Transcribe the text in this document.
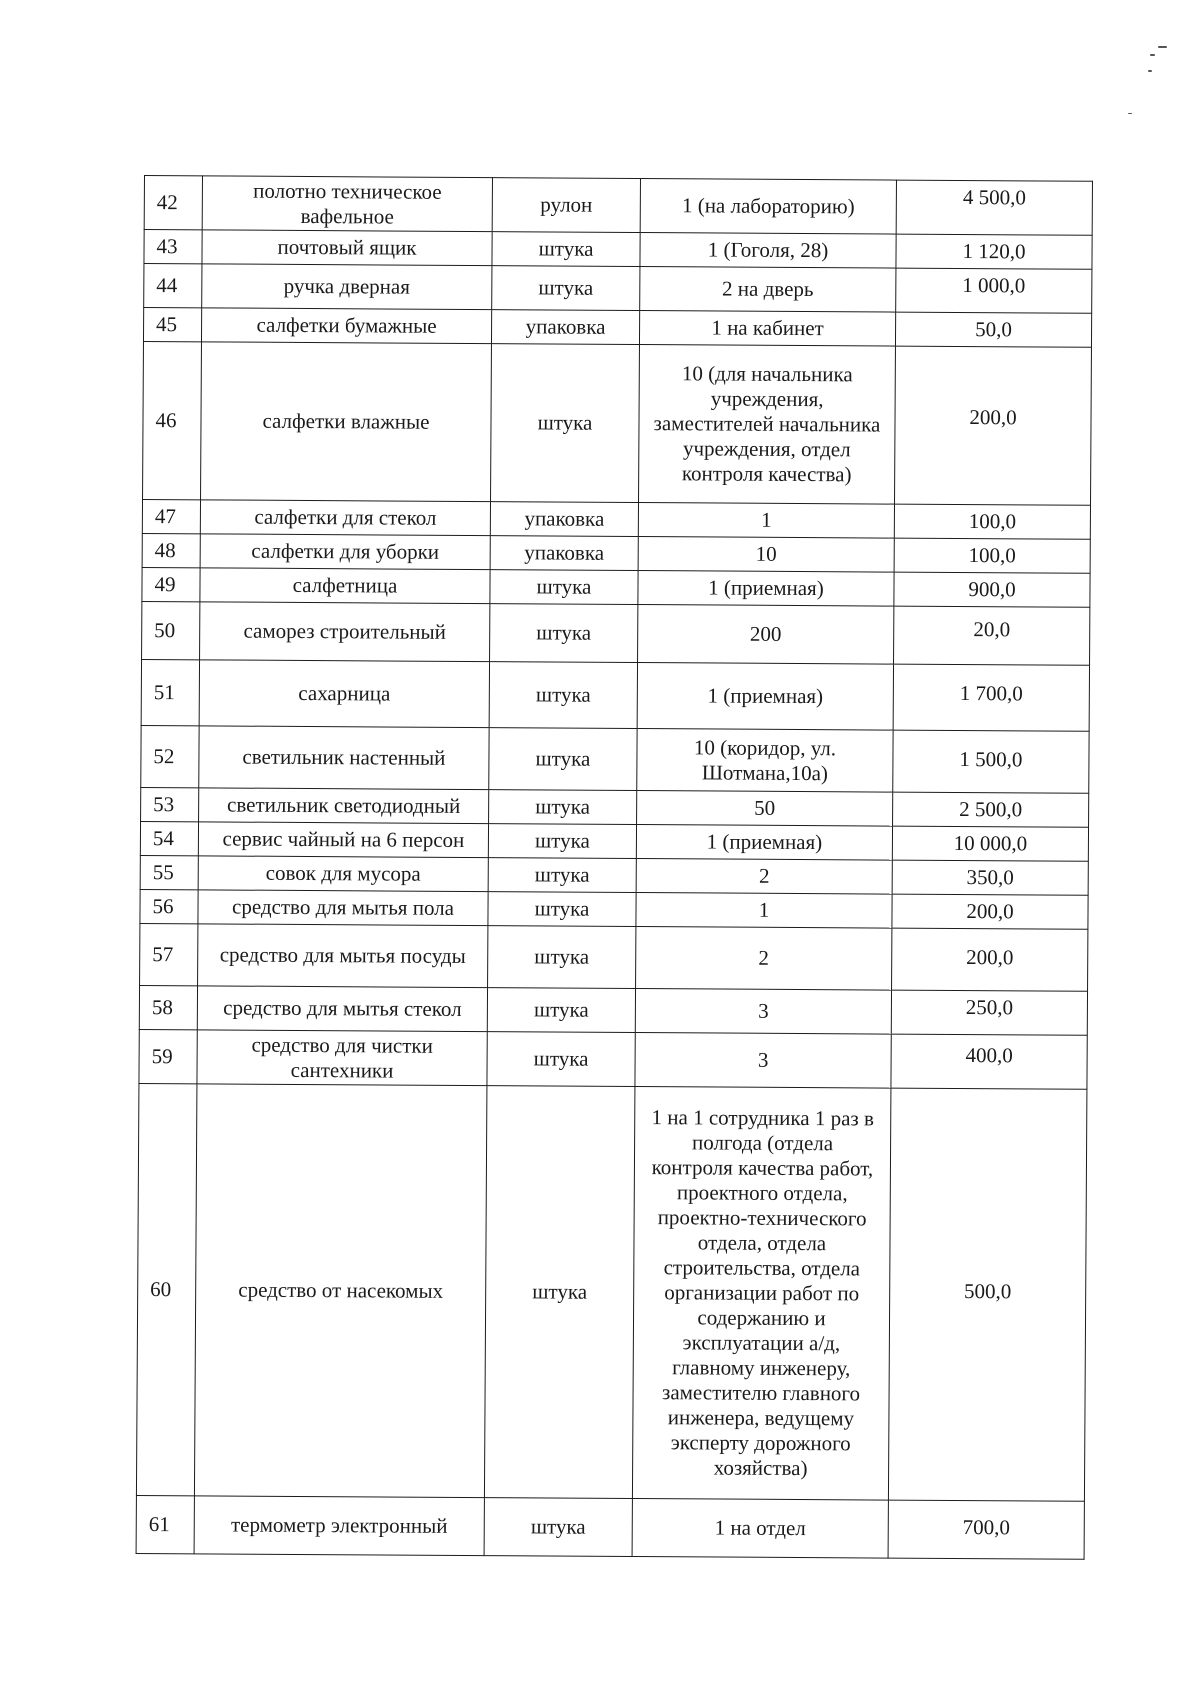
42	полотно техническое вафельное	рулон	1 (на лабораторию)	4 500,0
43	почтовый ящик	штука	1 (Гоголя, 28)	1 120,0
44	ручка дверная	штука	2 на дверь	1 000,0
45	салфетки бумажные	упаковка	1 на кабинет	50,0
46	салфетки влажные	штука	10 (для начальника учреждения, заместителей начальника учреждения, отдел контроля качества)	200,0
47	салфетки для стекол	упаковка	1	100,0
48	салфетки для уборки	упаковка	10	100,0
49	салфетница	штука	1 (приемная)	900,0
50	саморез строительный	штука	200	20,0
51	сахарница	штука	1 (приемная)	1 700,0
52	светильник настенный	штука	10 (коридор, ул. Шотмана,10а)	1 500,0
53	светильник светодиодный	штука	50	2 500,0
54	сервис чайный на 6 персон	штука	1 (приемная)	10 000,0
55	совок для мусора	штука	2	350,0
56	средство для мытья пола	штука	1	200,0
57	средство для мытья посуды	штука	2	200,0
58	средство для мытья стекол	штука	3	250,0
59	средство для чистки сантехники	штука	3	400,0
60	средство от насекомых	штука	1 на 1 сотрудника 1 раз в полгода (отдела контроля качества работ, проектного отдела, проектно-технического отдела, отдела строительства, отдела организации работ по содержанию и эксплуатации а/д, главному инженеру, заместителю главного инженера, ведущему эксперту дорожного хозяйства)	500,0
61	термометр электронный	штука	1 на отдел	700,0
